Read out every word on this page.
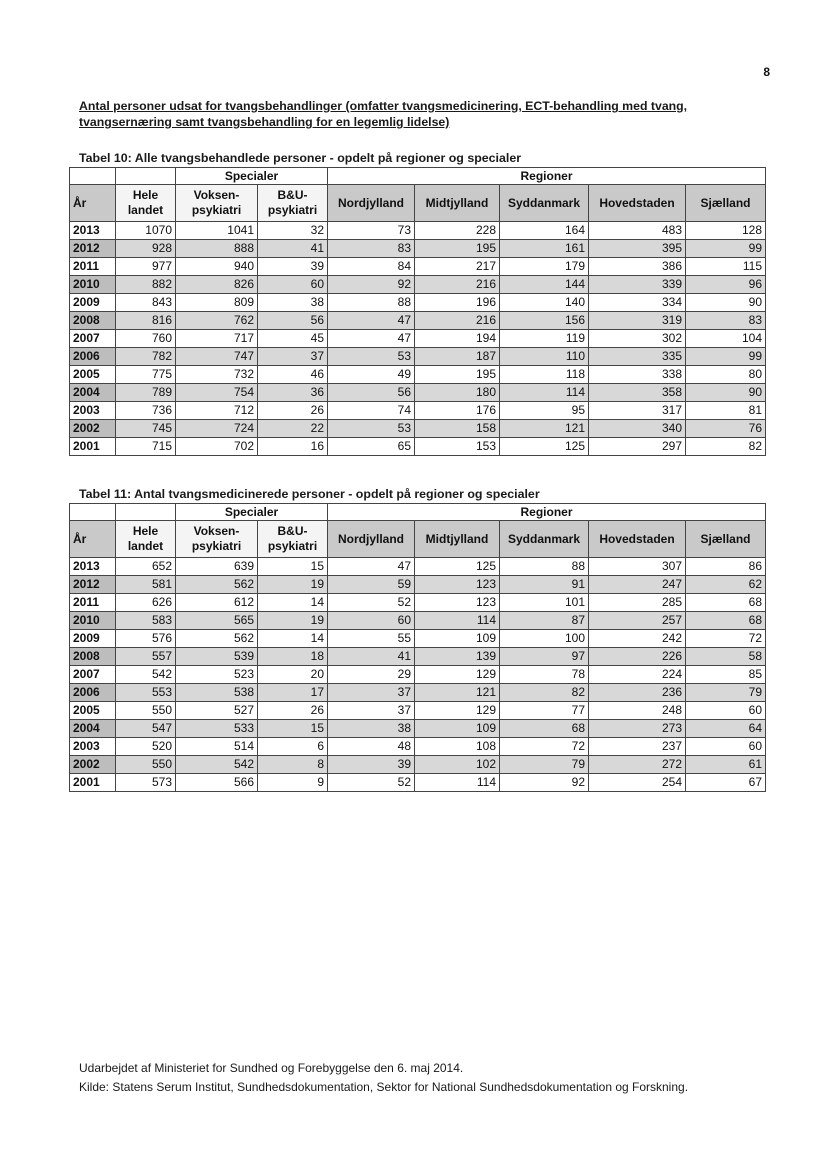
8
Antal personer udsat for tvangsbehandlinger (omfatter tvangsmedicinering, ECT-behandling med tvang, tvangsernæring samt tvangsbehandling for en legemlig lidelse)
Tabel 10: Alle tvangsbehandlede personer - opdelt på regioner og specialer
		Specialer		Regioner				
År	Hele landet	Voksen-psykiatri	B&U-psykiatri	Nordjylland	Midtjylland	Syddanmark	Hovedstaden	Sjælland
2013	1070	1041	32	73	228	164	483	128
2012	928	888	41	83	195	161	395	99
2011	977	940	39	84	217	179	386	115
2010	882	826	60	92	216	144	339	96
2009	843	809	38	88	196	140	334	90
2008	816	762	56	47	216	156	319	83
2007	760	717	45	47	194	119	302	104
2006	782	747	37	53	187	110	335	99
2005	775	732	46	49	195	118	338	80
2004	789	754	36	56	180	114	358	90
2003	736	712	26	74	176	95	317	81
2002	745	724	22	53	158	121	340	76
2001	715	702	16	65	153	125	297	82
Tabel 11: Antal tvangsmedicinerede personer - opdelt på regioner og specialer
		Specialer		Regioner				
År	Hele landet	Voksen-psykiatri	B&U-psykiatri	Nordjylland	Midtjylland	Syddanmark	Hovedstaden	Sjælland
2013	652	639	15	47	125	88	307	86
2012	581	562	19	59	123	91	247	62
2011	626	612	14	52	123	101	285	68
2010	583	565	19	60	114	87	257	68
2009	576	562	14	55	109	100	242	72
2008	557	539	18	41	139	97	226	58
2007	542	523	20	29	129	78	224	85
2006	553	538	17	37	121	82	236	79
2005	550	527	26	37	129	77	248	60
2004	547	533	15	38	109	68	273	64
2003	520	514	6	48	108	72	237	60
2002	550	542	8	39	102	79	272	61
2001	573	566	9	52	114	92	254	67
Udarbejdet af Ministeriet for Sundhed og Forebyggelse den 6. maj 2014.
Kilde: Statens Serum Institut, Sundhedsdokumentation, Sektor for National Sundhedsdokumentation og Forskning.
